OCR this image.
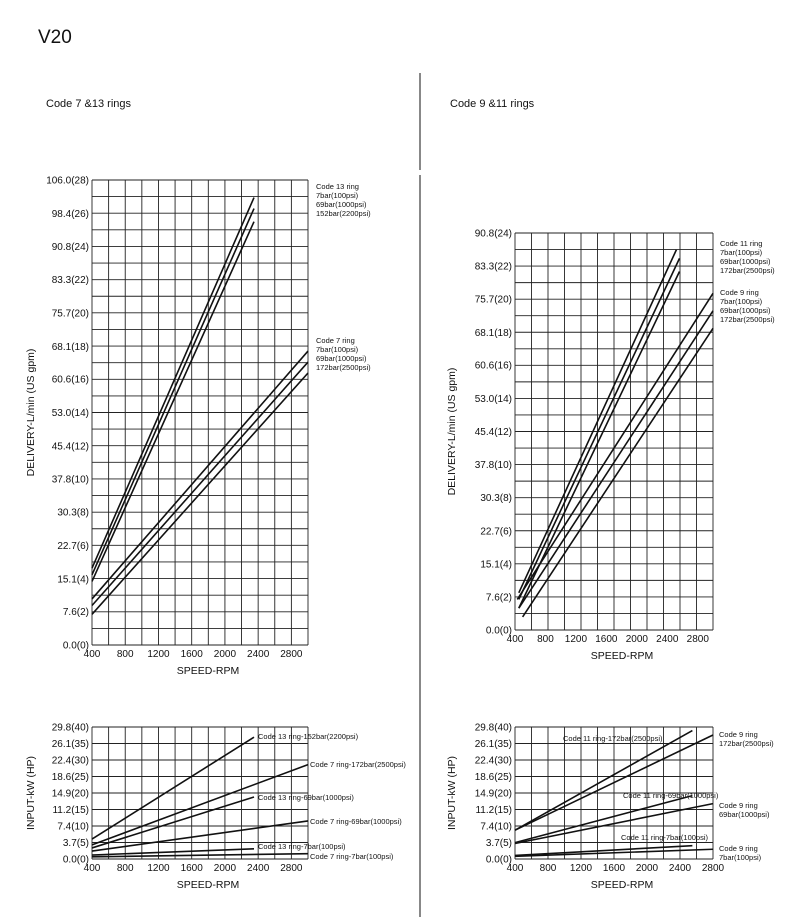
V20
Code 7 &13 rings	Code 9 &11 rings
400 800 1200 1600 2000 2400 2800
0.0(0)
7.6(2)
15.1(4)
22.7(6)
30.3(8)
37.8(10)
45.4(12)
53.0(14)
60.6(16)
68.1(18)
75.7(20)
83.3(22)
90.8(24)
98.4(26)
106.0(28)
SPEED-RPM
DELIVERY-L/min (US gpm)
400 800 1200 1600 2000 2400 2800
0.0(0)
7.6(2)
15.1(4)
22.7(6)
30.3(8)
37.8(10)
45.4(12)
53.0(14)
60.6(16)
68.1(18)
75.7(20)
83.3(22)
90.8(24)
SPEED-RPM
DELIVERY-L/min (US gpm)
400 800 1200 1600 2000 2400 2800
0.0(0)
3.7(5)
7.4(10)
11.2(15)
14.9(20)
18.6(25)
22.4(30)
26.1(35)
29.8(40)
SPEED-RPM
INPUT-kW (HP)
400 800 1200 1600 2000 2400 2800
0.0(0)
3.7(5)
7.4(10)
11.2(15)
14.9(20)
18.6(25)
22.4(30)
26.1(35)
29.8(40)
SPEED-RPM
INPUT-kW (HP)
Code 13 ring
7bar(100psi)
69bar(1000psi)
152bar(2200psi)
Code 7 ring
7bar(100psi)
69bar(1000psi)
172bar(2500psi)
Code 11 ring
7bar(100psi)
69bar(1000psi)
172bar(2500psi)
Code 9 ring
7bar(100psi)
69bar(1000psi)
172bar(2500psi)
Code 13 ring-152bar(2200psi)
Code 7 ring-172bar(2500psi)
Code 13 ring-69bar(1000psi)
Code 7 ring-69bar(1000psi)
Code 13 ring-7bar(100psi)
Code 7 ring-7bar(100psi)
Code 11 ring-172bar(2500psi)	Code 9 ring
172bar(2500psi)
Code 11 ring-69bar(1000psi)
Code 9 ring
69bar(1000psi)
Code 11 ring-7bar(100psi)
Code 9 ring
7bar(100psi)
